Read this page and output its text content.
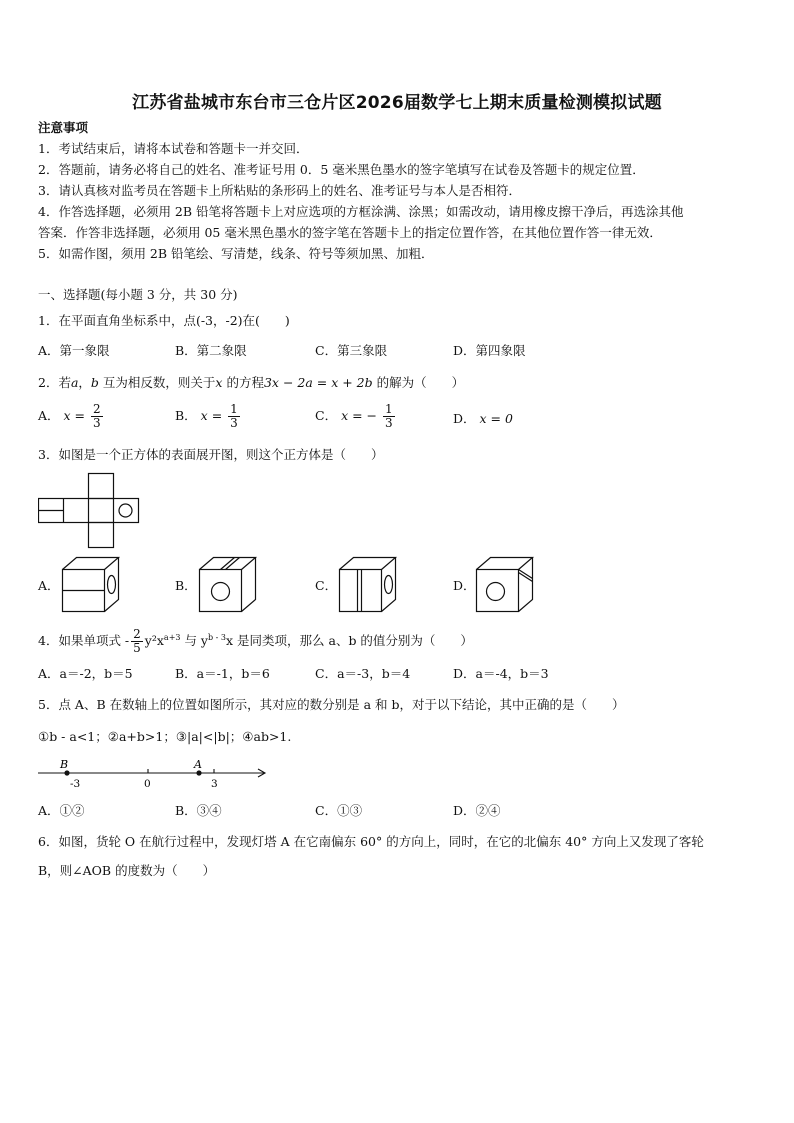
江苏省盐城市东台市三仓片区2026届数学七上期末质量检测模拟试题
注意事项
1．考试结束后，请将本试卷和答题卡一并交回．
2．答题前，请务必将自己的姓名、准考证号用 0．5 毫米黑色墨水的签字笔填写在试卷及答题卡的规定位置．
3．请认真核对监考员在答题卡上所粘贴的条形码上的姓名、准考证号与本人是否相符．
4．作答选择题，必须用 2B 铅笔将答题卡上对应选项的方框涂满、涂黑；如需改动，请用橡皮擦干净后，再选涂其他
答案．作答非选择题，必须用 05 毫米黑色墨水的签字笔在答题卡上的指定位置作答，在其他位置作答一律无效．
5．如需作图，须用 2B 铅笔绘、写清楚，线条、符号等须加黑、加粗．
一、选择题(每小题 3 分，共 30 分)
1．在平面直角坐标系中，点(-3，-2)在(　　)
A．第一象限	B．第二象限	C．第三象限	D．第四象限
2．若a，b 互为相反数，则关于x 的方程3x − 2a = x + 2b 的解为（　　）
A． $x = \frac{2}{3}$	B． $x = \frac{1}{3}$	C． x = − $\frac{1}{3}$	D． x = 0
3．如图是一个正方体的表面展开图，则这个正方体是（　　）
A．	B．	C．	D．
4．如果单项式 - $\frac{2}{5} y^2x^{a+3}$ 与 $y^{b - 3}x$ 是同类项，那么 a、b 的值分别为（　　）
A．a＝-2，b＝5	B．a＝-1，b＝6	C．a＝-3，b＝4	D．a＝-4，b＝3
5．点 A、B 在数轴上的位置如图所示，其对应的数分别是 a 和 b，对于以下结论，其中正确的是（　　）
①b - a<1；②a+b>1；③|a|<|b|；④ab>1.
B	A
-3	0	3
A．①②	B．③④	C．①③	D．②④
6．如图，货轮 O 在航行过程中，发现灯塔 A 在它南偏东 60° 的方向上，同时，在它的北偏东 40° 方向上又发现了客轮
B，则∠AOB 的度数为（　　）
